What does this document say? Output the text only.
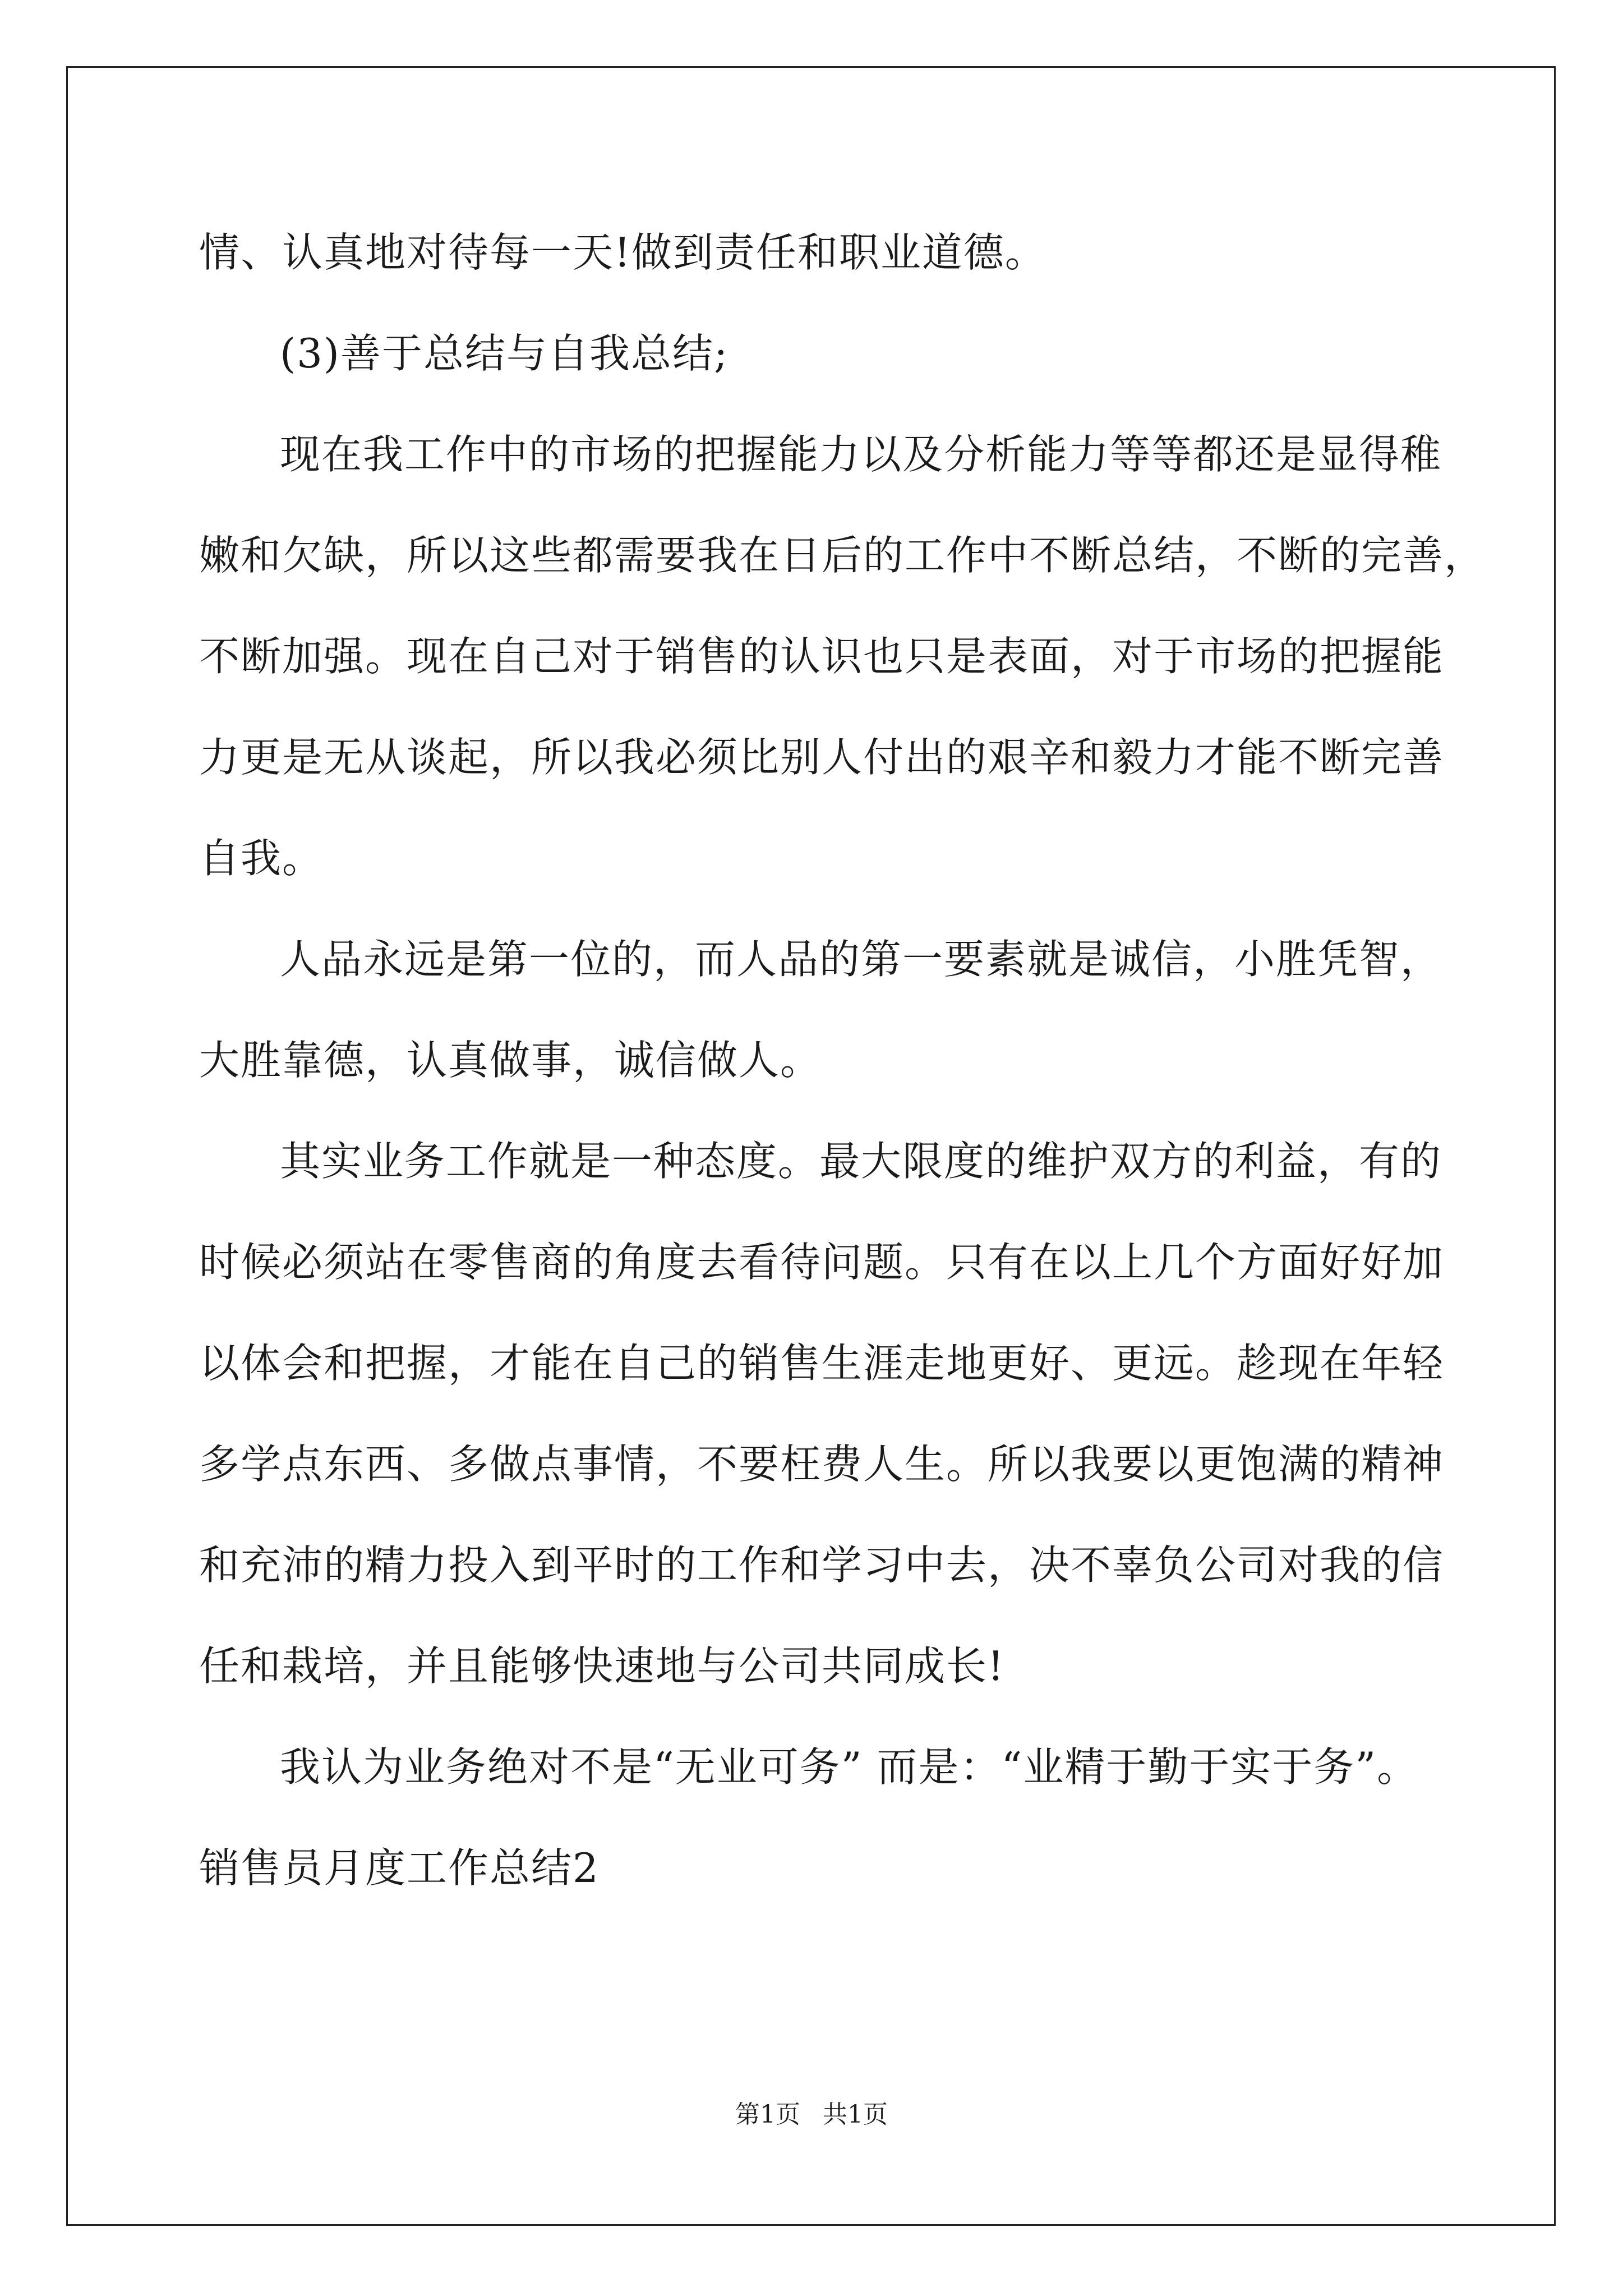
情、认真地对待每一天!做到责任和职业道德。
(3)善于总结与自我总结;
现在我工作中的市场的把握能力以及分析能力等等都还是显得稚
嫩和欠缺，所以这些都需要我在日后的工作中不断总结，不断的完善，
不断加强。现在自己对于销售的认识也只是表面，对于市场的把握能
力更是无从谈起，所以我必须比别人付出的艰辛和毅力才能不断完善
自我。
人品永远是第一位的，而人品的第一要素就是诚信，小胜凭智，
大胜靠德，认真做事，诚信做人。
其实业务工作就是一种态度。最大限度的维护双方的利益，有的
时候必须站在零售商的角度去看待问题。只有在以上几个方面好好加
以体会和把握，才能在自己的销售生涯走地更好、更远。趁现在年轻
多学点东西、多做点事情，不要枉费人生。所以我要以更饱满的精神
和充沛的精力投入到平时的工作和学习中去，决不辜负公司对我的信
任和栽培，并且能够快速地与公司共同成长!
我认为业务绝对不是“无业可务” 而是：“业精于勤于实于务”。
销售员月度工作总结2
第1页 共1页
